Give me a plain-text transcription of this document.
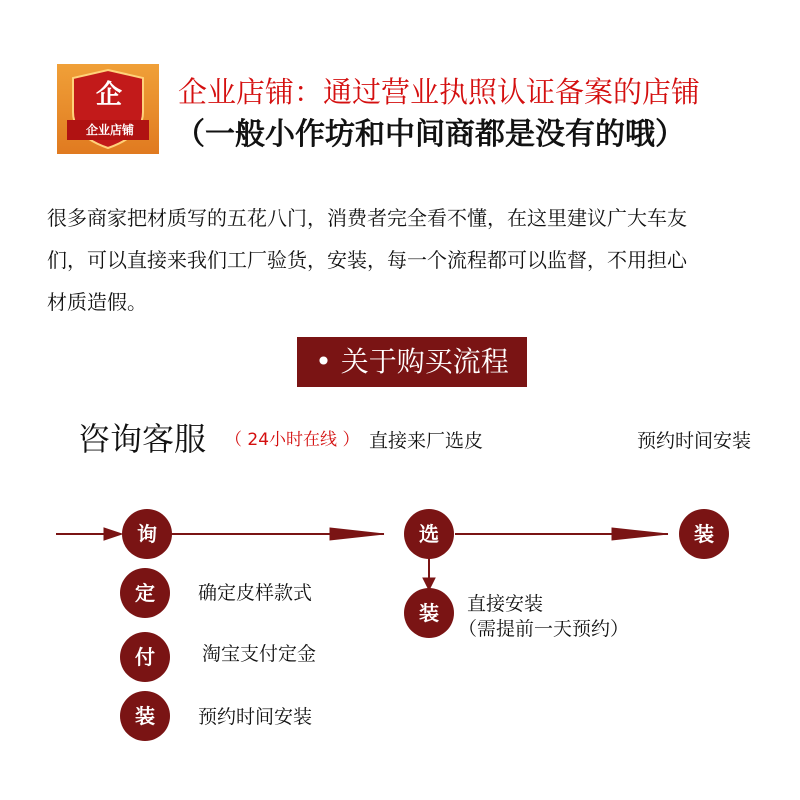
企
企业店铺
企业店铺：通过营业执照认证备案的店铺
（一般小作坊和中间商都是没有的哦）
很多商家把材质写的五花八门，消费者完全看不懂，在这里建议广大车友
们，可以直接来我们工厂验货，安装，每一个流程都可以监督，不用担心
材质造假。
• 关于购买流程
咨询客服 （ 24小时在线 ） 直接来厂选皮	预约时间安装
询	选	装
定	确定皮样款式
付	淘宝支付定金
装	预约时间安装
装	直接安装
（需提前一天预约）
